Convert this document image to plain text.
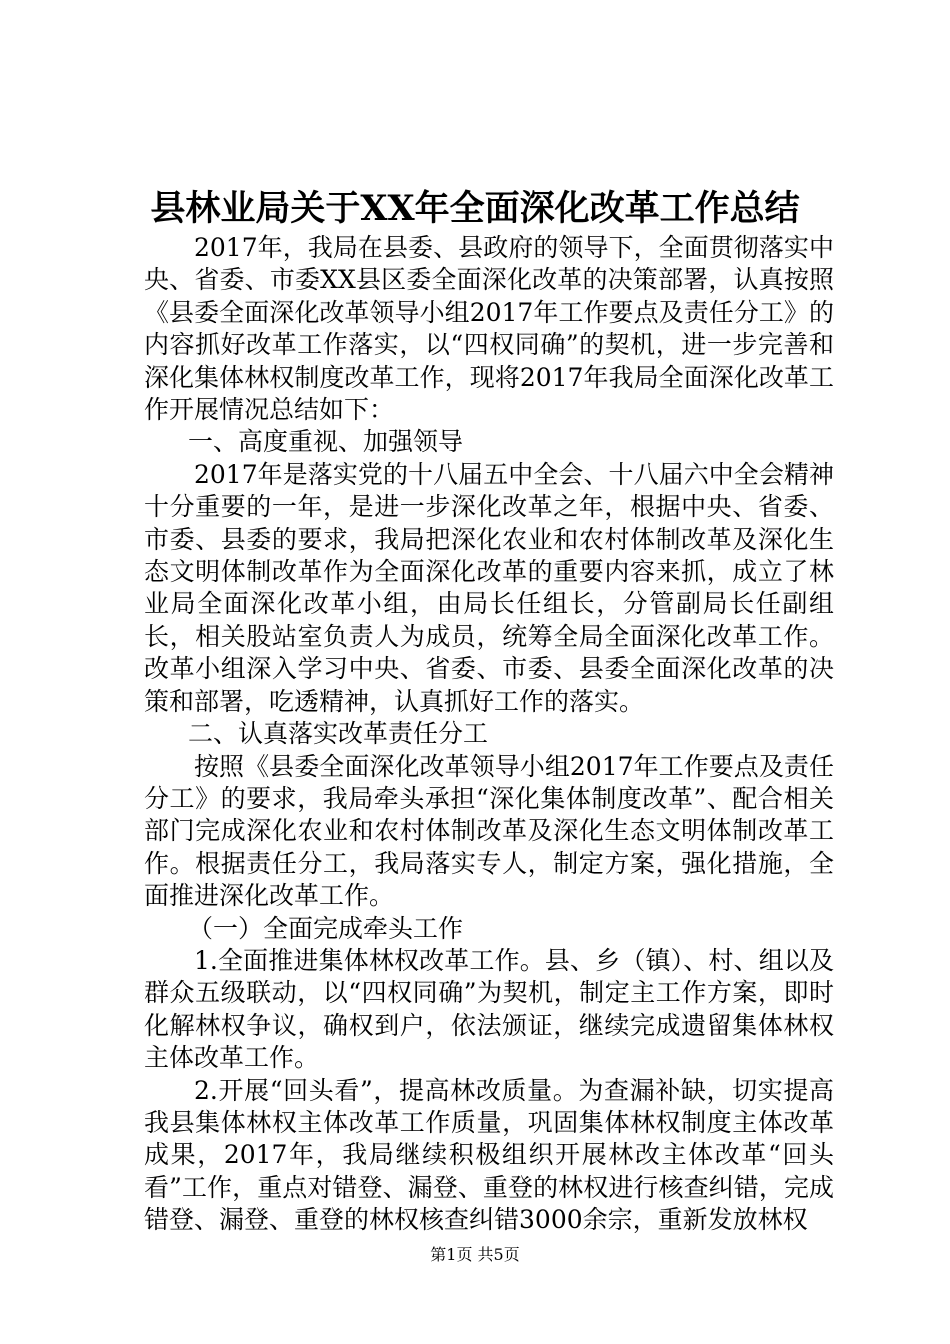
县林业局关于XX年全面深化改革工作总结

2017年，我局在县委、县政府的领导下，全面贯彻落实中央、省委、市委XX县区委全面深化改革的决策部署，认真按照《县委全面深化改革领导小组2017年工作要点及责任分工》的内容抓好改革工作落实，以“四权同确”的契机，进一步完善和深化集体林权制度改革工作，现将2017年我局全面深化改革工作开展情况总结如下：

一、高度重视、加强领导

2017年是落实党的十八届五中全会、十八届六中全会精神十分重要的一年，是进一步深化改革之年，根据中央、省委、市委、县委的要求，我局把深化农业和农村体制改革及深化生态文明体制改革作为全面深化改革的重要内容来抓，成立了林业局全面深化改革小组，由局长任组长，分管副局长任副组长，相关股站室负责人为成员，统筹全局全面深化改革工作。改革小组深入学习中央、省委、市委、县委全面深化改革的决策和部署，吃透精神，认真抓好工作的落实。

二、认真落实改革责任分工

按照《县委全面深化改革领导小组2017年工作要点及责任分工》的要求，我局牵头承担“深化集体制度改革”、配合相关部门完成深化农业和农村体制改革及深化生态文明体制改革工作。根据责任分工，我局落实专人，制定方案，强化措施，全面推进深化改革工作。

（一）全面完成牵头工作

1.全面推进集体林权改革工作。县、乡（镇）、村、组以及群众五级联动，以“四权同确”为契机，制定主工作方案，即时化解林权争议，确权到户，依法颁证，继续完成遗留集体林权主体改革工作。

2.开展“回头看”，提高林改质量。为查漏补缺，切实提高我县集体林权主体改革工作质量，巩固集体林权制度主体改革成果，2017年，我局继续积极组织开展林改主体改革“回头看”工作，重点对错登、漏登、重登的林权进行核查纠错，完成错登、漏登、重登的林权核查纠错3000余宗，重新发放林权

第1页 共5页
